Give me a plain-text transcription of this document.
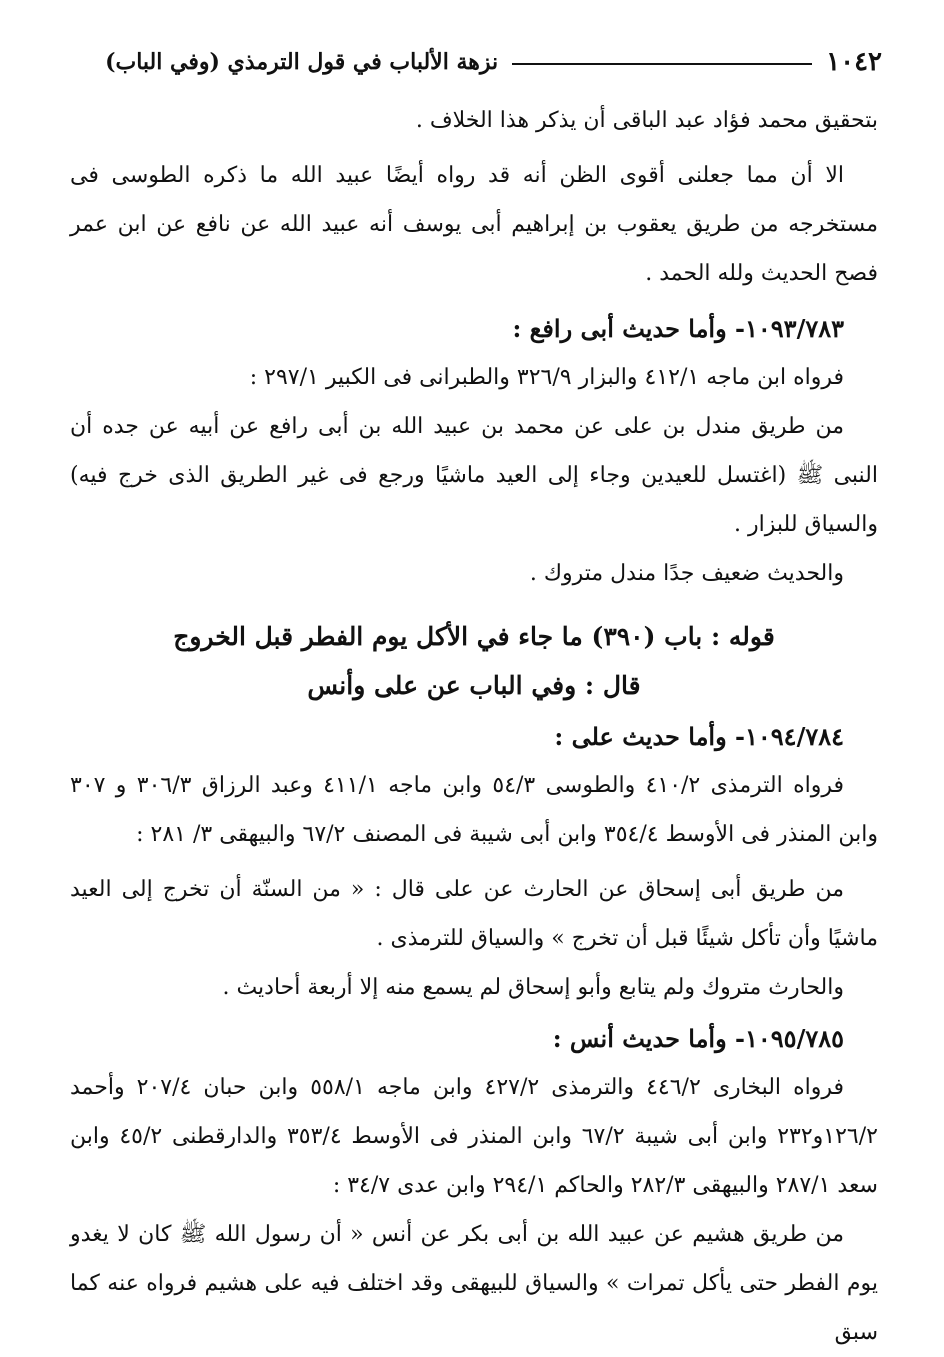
١٠٤٢
نزهة الألباب في قول الترمذي (وفي الباب)

بتحقيق محمد فؤاد عبد الباقى أن يذكر هذا الخلاف .

الا أن مما جعلنى أقوى الظن أنه قد رواه أيضًا عبيد الله ما ذكره الطوسى فى مستخرجه من طريق يعقوب بن إبراهيم أبى يوسف أنه عبيد الله عن نافع عن ابن عمر فصح الحديث ولله الحمد .

١٠٩٣/٧٨٣- وأما حديث أبى رافع :

فرواه ابن ماجه ٤١٢/١ والبزار ٣٢٦/٩ والطبرانى فى الكبير ٢٩٧/١ :

من طريق مندل بن على عن محمد بن عبيد الله بن أبى رافع عن أبيه عن جده أن النبى ﷺ (اغتسل للعيدين وجاء إلى العيد ماشيًا ورجع فى غير الطريق الذى خرج فيه) والسياق للبزار .

والحديث ضعيف جدًا مندل متروك .

قوله : باب (٣٩٠) ما جاء في الأكل يوم الفطر قبل الخروج

قال : وفي الباب عن على وأنس

١٠٩٤/٧٨٤- وأما حديث على :

فرواه الترمذى ٤١٠/٢ والطوسى ٥٤/٣ وابن ماجه ٤١١/١ وعبد الرزاق ٣٠٦/٣ و ٣٠٧ وابن المنذر فى الأوسط ٣٥٤/٤ وابن أبى شيبة فى المصنف ٦٧/٢ والبيهقى ٣/ ٢٨١ :

من طريق أبى إسحاق عن الحارث عن على قال : « من السنّة أن تخرج إلى العيد ماشيًا وأن تأكل شيئًا قبل أن تخرج » والسياق للترمذى .

والحارث متروك ولم يتابع وأبو إسحاق لم يسمع منه إلا أربعة أحاديث .

١٠٩٥/٧٨٥- وأما حديث أنس :

فرواه البخارى ٤٤٦/٢ والترمذى ٤٢٧/٢ وابن ماجه ٥٥٨/١ وابن حبان ٢٠٧/٤ وأحمد ١٢٦/٢و٢٣٢ وابن أبى شيبة ٦٧/٢ وابن المنذر فى الأوسط ٣٥٣/٤ والدارقطنى ٤٥/٢ وابن سعد ٢٨٧/١ والبيهقى ٢٨٢/٣ والحاكم ٢٩٤/١ وابن عدى ٣٤/٧ :

من طريق هشيم عن عبيد الله بن أبى بكر عن أنس « أن رسول الله ﷺ كان لا يغدو يوم الفطر حتى يأكل تمرات » والسياق للبيهقى وقد اختلف فيه على هشيم فرواه عنه كما سبق
